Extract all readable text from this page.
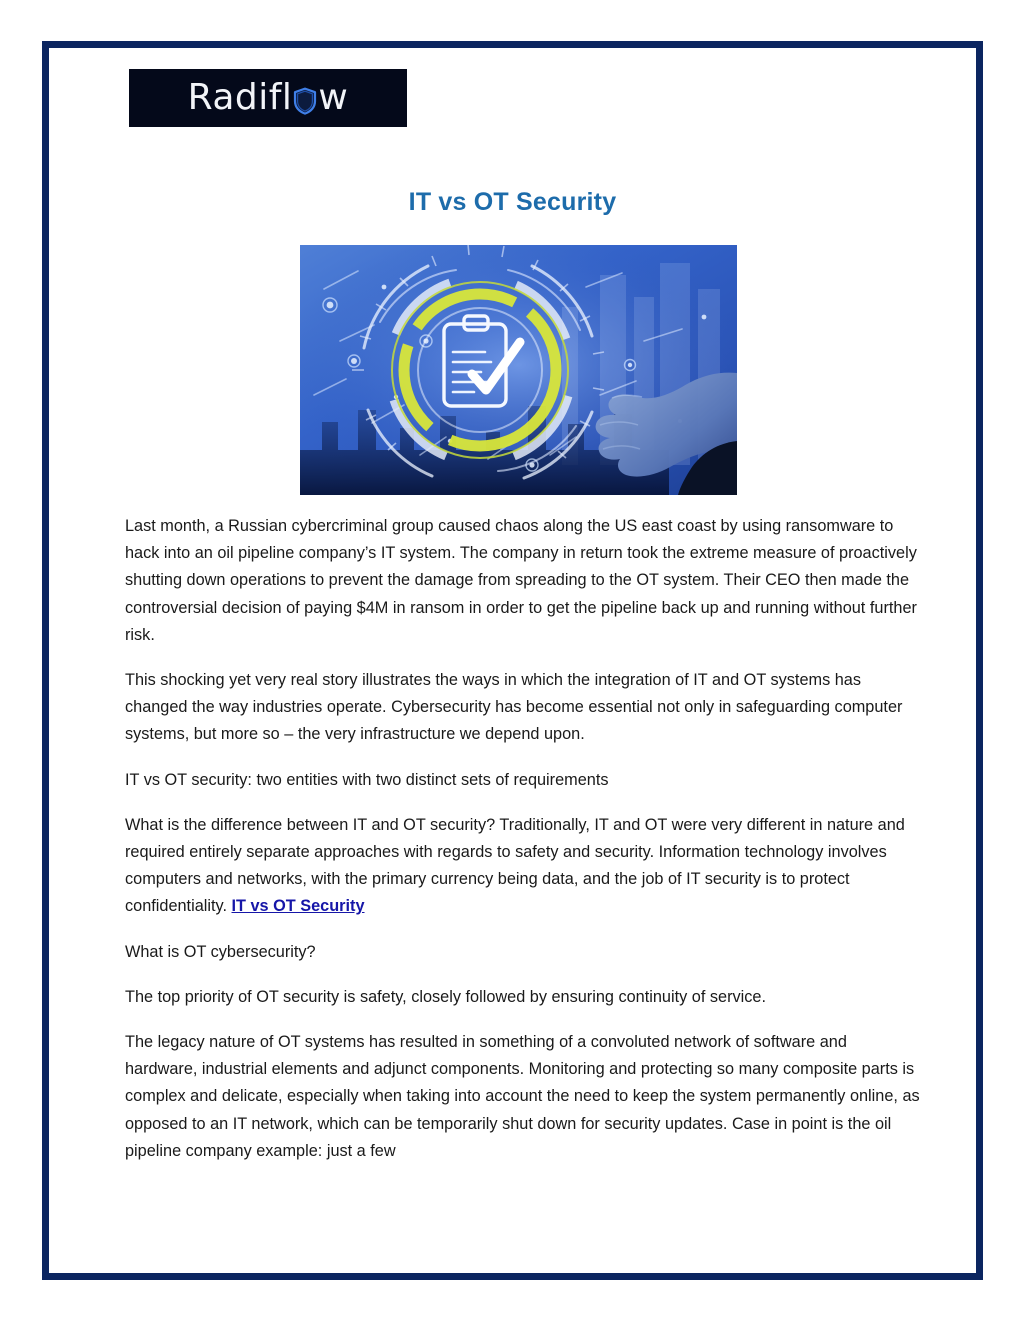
Radifl w
IT vs OT Security

Last month, a Russian cybercriminal group caused chaos along the US east coast by using ransomware to hack into an oil pipeline company’s IT system. The company in return took the extreme measure of proactively shutting down operations to prevent the damage from spreading to the OT system. Their CEO then made the controversial decision of paying $4M in ransom in order to get the pipeline back up and running without further risk.

This shocking yet very real story illustrates the ways in which the integration of IT and OT systems has changed the way industries operate. Cybersecurity has become essential not only in safeguarding computer systems, but more so – the very infrastructure we depend upon.

IT vs OT security: two entities with two distinct sets of requirements

What is the difference between IT and OT security? Traditionally, IT and OT were very different in nature and required entirely separate approaches with regards to safety and security. Information technology involves computers and networks, with the primary currency being data, and the job of IT security is to protect confidentiality. IT vs OT Security

What is OT cybersecurity?

The top priority of OT security is safety, closely followed by ensuring continuity of service.

The legacy nature of OT systems has resulted in something of a convoluted network of software and hardware, industrial elements and adjunct components. Monitoring and protecting so many composite parts is complex and delicate, especially when taking into account the need to keep the system permanently online, as opposed to an IT network, which can be temporarily shut down for security updates. Case in point is the oil pipeline company example: just a few
